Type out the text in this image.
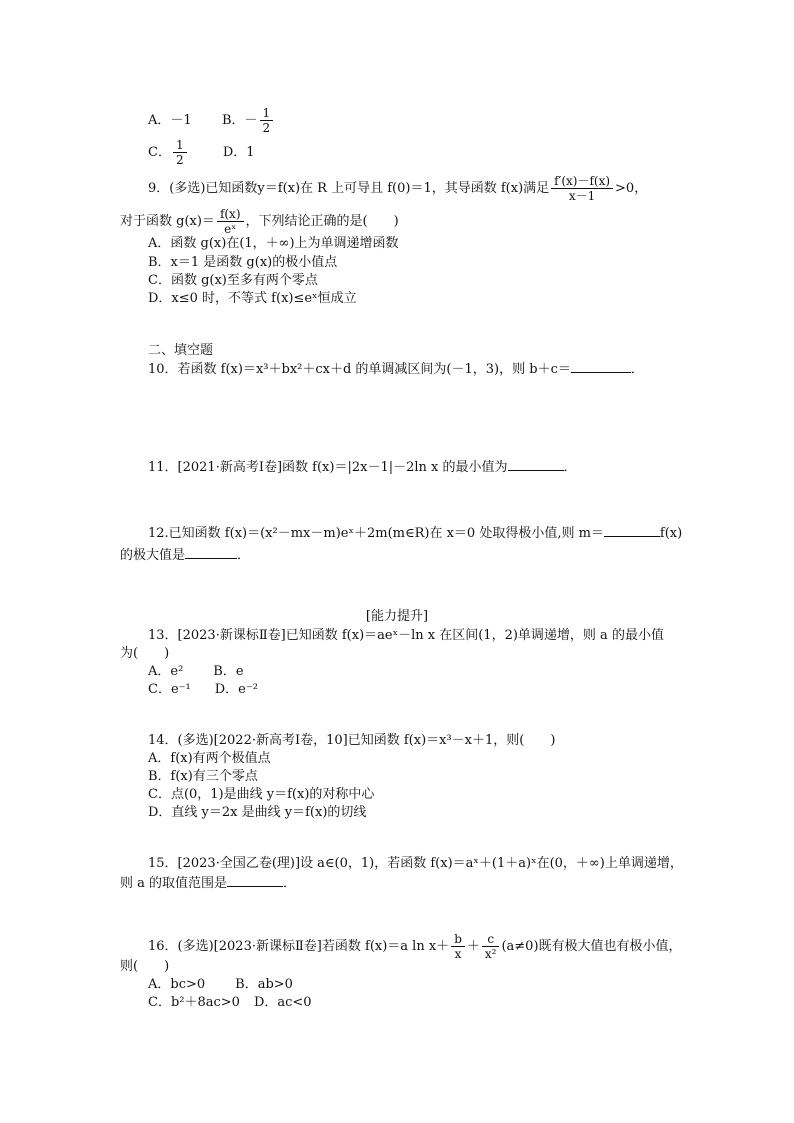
A．－1 B．－ $\frac{1}{2}$
C． $\frac{1}{2}$	D．1
9．(多选)已知函数y＝f(x)在 R 上可导且 f(0)＝1，其导函数 f(x)满足 $\frac{f'(x)-f(x)}{x-1} >0$，
对于函数 $g(x)= \frac{f(x)}{\text{eˣ}}$ ，下列结论正确的是(　　)
A．函数 g(x)在(1，＋∞)上为单调递增函数
B．x＝1 是函数 g(x)的极小值点
C．函数 g(x)至多有两个零点
D．x≤0 时，不等式 f(x)≤eˣ恒成立
二、填空题
10．若函数 f(x)＝x³＋bx²＋cx＋d 的单调减区间为(－1，3)，则 b＋c＝	．
11．[2021·新高考Ⅰ卷]函数 f(x)＝|2x－1|－2ln x 的最小值为	．
12.已知函数 f(x)＝(x²－mx－m)eˣ＋2m(m∈R)在 x＝0 处取得极小值,则 m＝	f(x)
的极大值是	．
[能力提升]
13．[2023·新课标Ⅱ卷]已知函数 f(x)＝aeˣ－ln x 在区间(1，2)单调递增，则 a 的最小值
为(　　)
A．e² B．e
C．e⁻¹ D．e⁻²
14．(多选)[2022·新高考Ⅰ卷，10]已知函数 f(x)＝x³－x＋1，则(　　)
A．f(x)有两个极值点
B．f(x)有三个零点
C．点(0，1)是曲线 y＝f(x)的对称中心
D．直线 y＝2x 是曲线 y＝f(x)的切线
15．[2023·全国乙卷(理)]设 a∈(0，1)，若函数 f(x)＝aˣ＋(1＋a)ˣ在(0，＋∞)上单调递增，
则 a 的取值范围是	．
16．(多选)[2023·新课标Ⅱ卷]若函数 f(x)＝a $\ln x+ \frac{b}{x} + \frac{c}{\text{x²}} (a\ne 0)$既有极大值也有极小值，
则(　　)
A．bc>0 B．ab>0
C．b²＋8ac>0 D．ac<0
